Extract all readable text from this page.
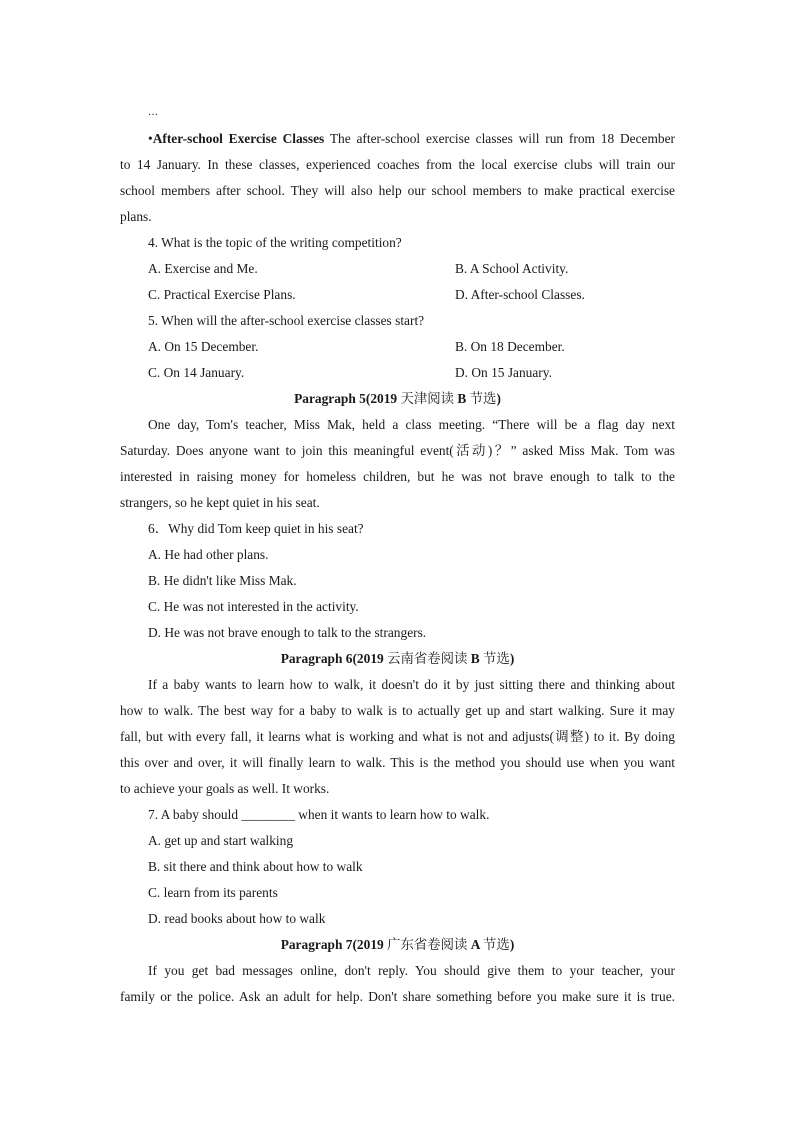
…
•After-school Exercise Classes The after-school exercise classes will run from 18 December
to 14 January. In these classes, experienced coaches from the local exercise clubs will train our
school members after school. They will also help our school members to make practical exercise
plans.
4. What is the topic of the writing competition?
A. Exercise and Me.	B. A School Activity.
C. Practical Exercise Plans.	D. After-school Classes.
5. When will the after-school exercise classes start?
A. On 15 December.	B. On 18 December.
C. On 14 January.	D. On 15 January.
Paragraph 5(2019 天津阅读 B 节选)
One day, Tom's teacher, Miss Mak, held a class meeting. “There will be a flag day next
Saturday. Does anyone want to join this meaningful event(活动)？” asked Miss Mak. Tom was
interested in raising money for homeless children, but he was not brave enough to talk to the
strangers, so he kept quiet in his seat.
6．Why did Tom keep quiet in his seat?
A. He had other plans.
B. He didn't like Miss Mak.
C. He was not interested in the activity.
D. He was not brave enough to talk to the strangers.
Paragraph 6(2019 云南省卷阅读 B 节选)
If a baby wants to learn how to walk, it doesn't do it by just sitting there and thinking about
how to walk. The best way for a baby to walk is to actually get up and start walking. Sure it may
fall, but with every fall, it learns what is working and what is not and adjusts(调整) to it. By doing
this over and over, it will finally learn to walk. This is the method you should use when you want
to achieve your goals as well. It works.
7. A baby should ________ when it wants to learn how to walk.
A. get up and start walking
B. sit there and think about how to walk
C. learn from its parents
D. read books about how to walk
Paragraph 7(2019 广东省卷阅读 A 节选)
If you get bad messages online, don't reply. You should give them to your teacher, your
family or the police. Ask an adult for help. Don't share something before you make sure it is true.
